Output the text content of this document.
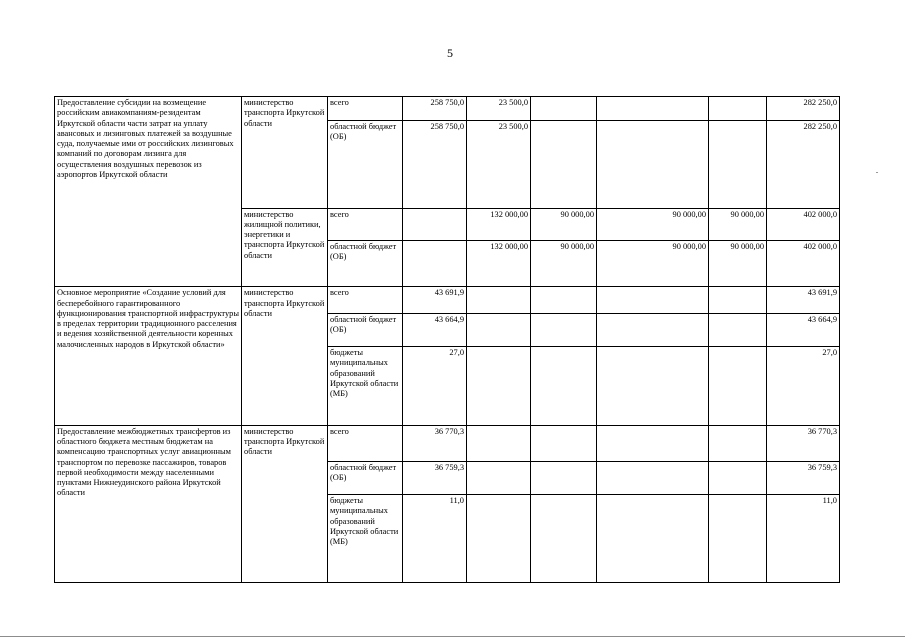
5
Предоставление субсидии на возмещение российским авиакомпаниям-резидентам Иркутской области части затрат на уплату авансовых и лизинговых платежей за воздушные суда, получаемые ими от российских лизинговых компаний по договорам лизинга для осуществления воздушных перевозок из аэропортов Иркутской области	министерство транспорта Иркутской области	всего	258 750,0	23 500,0				282 250,0
		областной бюджет (ОБ)	258 750,0	23 500,0				282 250,0
	министерство жилищной политики, энергетики и транспорта Иркутской области	всего		132 000,00	90 000,00	90 000,00	90 000,00	402 000,0
		областной бюджет (ОБ)		132 000,00	90 000,00	90 000,00	90 000,00	402 000,0
Основное мероприятие «Создание условий для бесперебойного гарантированного функционирования транспортной инфраструктуры в пределах территории традиционного расселения и ведения хозяйственной деятельности коренных малочисленных народов в Иркутской области»	министерство транспорта Иркутской области	всего	43 691,9					43 691,9
		областной бюджет (ОБ)	43 664,9					43 664,9
		бюджеты муниципальных образований Иркутской области (МБ)	27,0					27,0
Предоставление межбюджетных трансфертов из областного бюджета местным бюджетам на компенсацию транспортных услуг авиационным транспортом по перевозке пассажиров, товаров первой необходимости между населенными пунктами Нижнеудинского района Иркутской области	министерство транспорта Иркутской области	всего	36 770,3					36 770,3
		областной бюджет (ОБ)	36 759,3					36 759,3
		бюджеты муниципальных образований Иркутской области (МБ)	11,0					11,0
